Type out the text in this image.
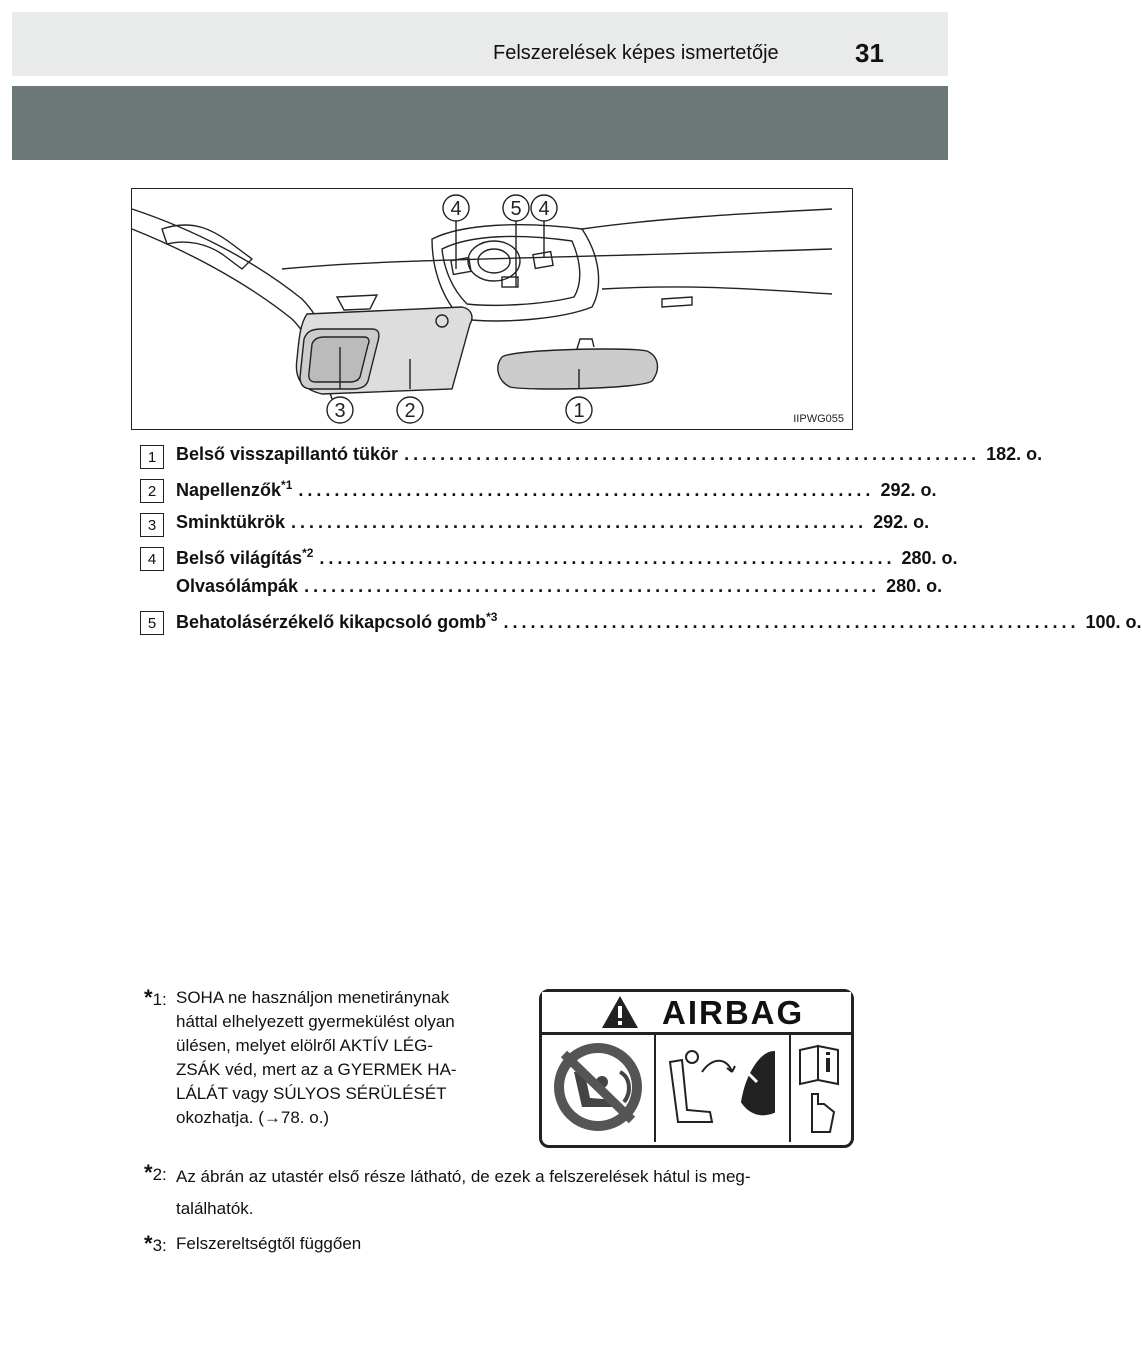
Felszerelések képes ismertetője	31
4 5 4
3	2	1	IIPWG055
1	Belső visszapillantó tükör ................................................................ 182. o.
2	Napellenzők$^{*1}$ ................................................................ 292. o.
3	Sminktükrök ................................................................ 292. o.
4	Belső világítás$^{*2}$ ................................................................ 280. o.
Olvasólámpák ................................................................ 280. o.
5	Behatolásérzékelő kikapcsoló gomb$^{*3}$ ................................................................ 100. o.
*1: SOHA ne használjon menetiránynak
háttal elhelyezett gyermekülést olyan
ülésen, melyet elölről AKTÍV LÉG-
ZSÁK véd, mert az a GYERMEK HA-
LÁLÁT vagy SÚLYOS SÉRÜLÉSÉT
okozhatja. (→78. o.)
AIRBAG
*2: Az ábrán az utastér első része látható, de ezek a felszerelések hátul is meg-
találhatók.
*3: Felszereltségtől függően
